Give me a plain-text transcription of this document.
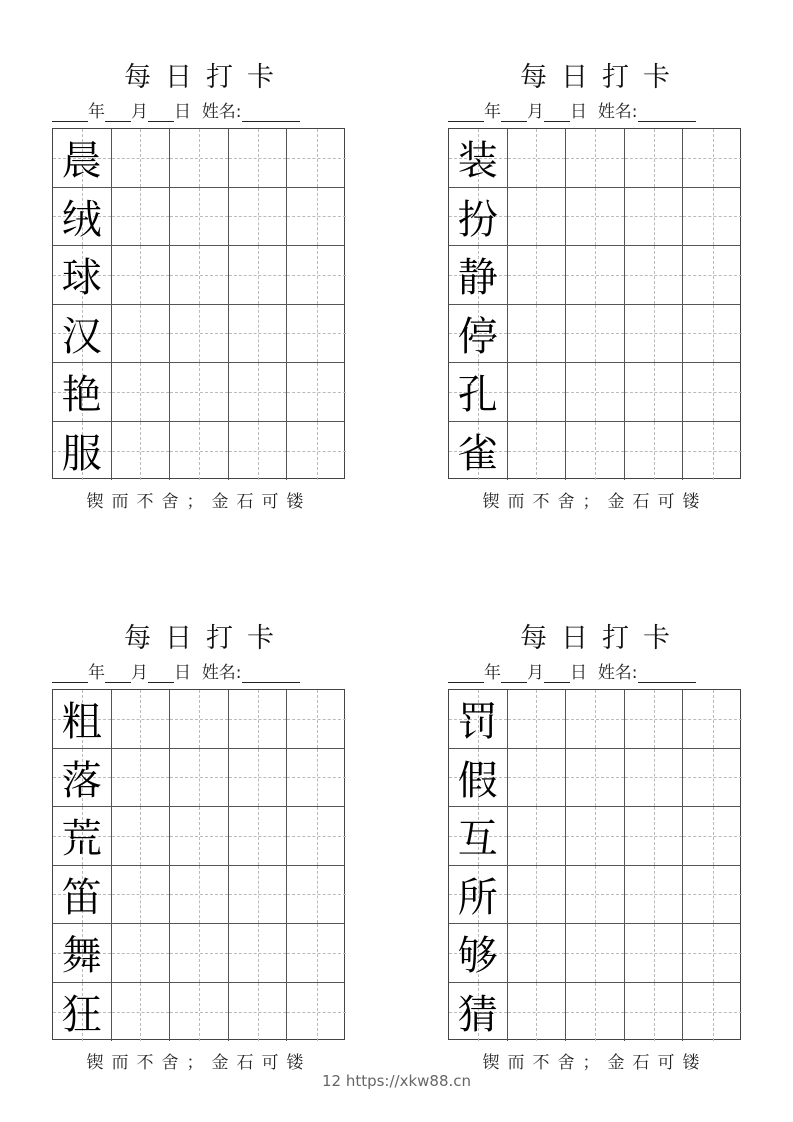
每日打卡
年 月 日 姓名:
晨
绒
球
汉
艳
服
锲而不舍；金石可镂
每日打卡
年 月 日 姓名:
装
扮
静
停
孔
雀
锲而不舍；金石可镂
每日打卡
年 月 日 姓名:
粗
落
荒
笛
舞
狂
锲而不舍；金石可镂
每日打卡
年 月 日 姓名:
罚
假
互
所
够
猜
锲而不舍；金石可镂
12 https://xkw88.cn
